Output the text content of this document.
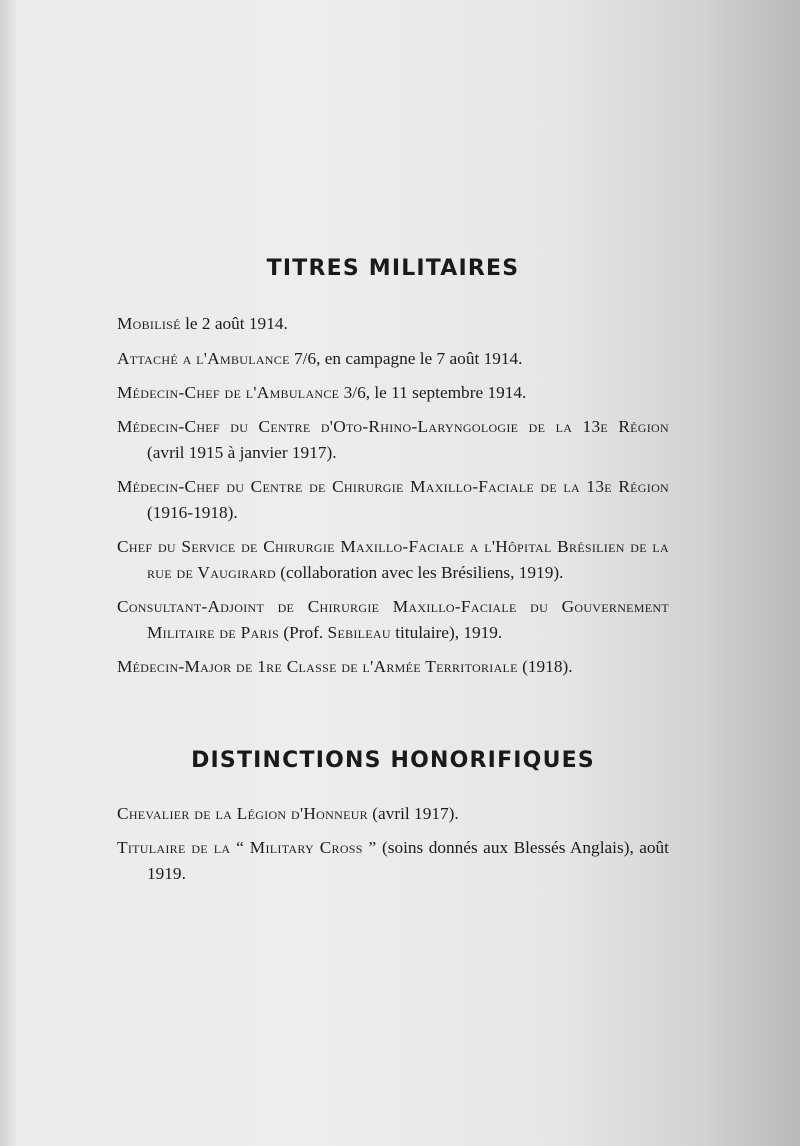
TITRES MILITAIRES
Mobilisé le 2 août 1914.
Attaché a l'Ambulance 7/6, en campagne le 7 août 1914.
Médecin-Chef de l'Ambulance 3/6, le 11 septembre 1914.
Médecin-Chef du Centre d'Oto-Rhino-Laryngologie de la 13e Région (avril 1915 à janvier 1917).
Médecin-Chef du Centre de Chirurgie Maxillo-Faciale de la 13e Région (1916-1918).
Chef du Service de Chirurgie Maxillo-Faciale a l'Hôpital Brésilien de la rue de Vaugirard (collaboration avec les Brésiliens, 1919).
Consultant-Adjoint de Chirurgie Maxillo-Faciale du Gouvernement Militaire de Paris (Prof. Sebileau titulaire), 1919.
Médecin-Major de 1re Classe de l'Armée Territoriale (1918).
DISTINCTIONS HONORIFIQUES
Chevalier de la Légion d'Honneur (avril 1917).
Titulaire de la “ Military Cross ” (soins donnés aux Blessés Anglais), août 1919.
